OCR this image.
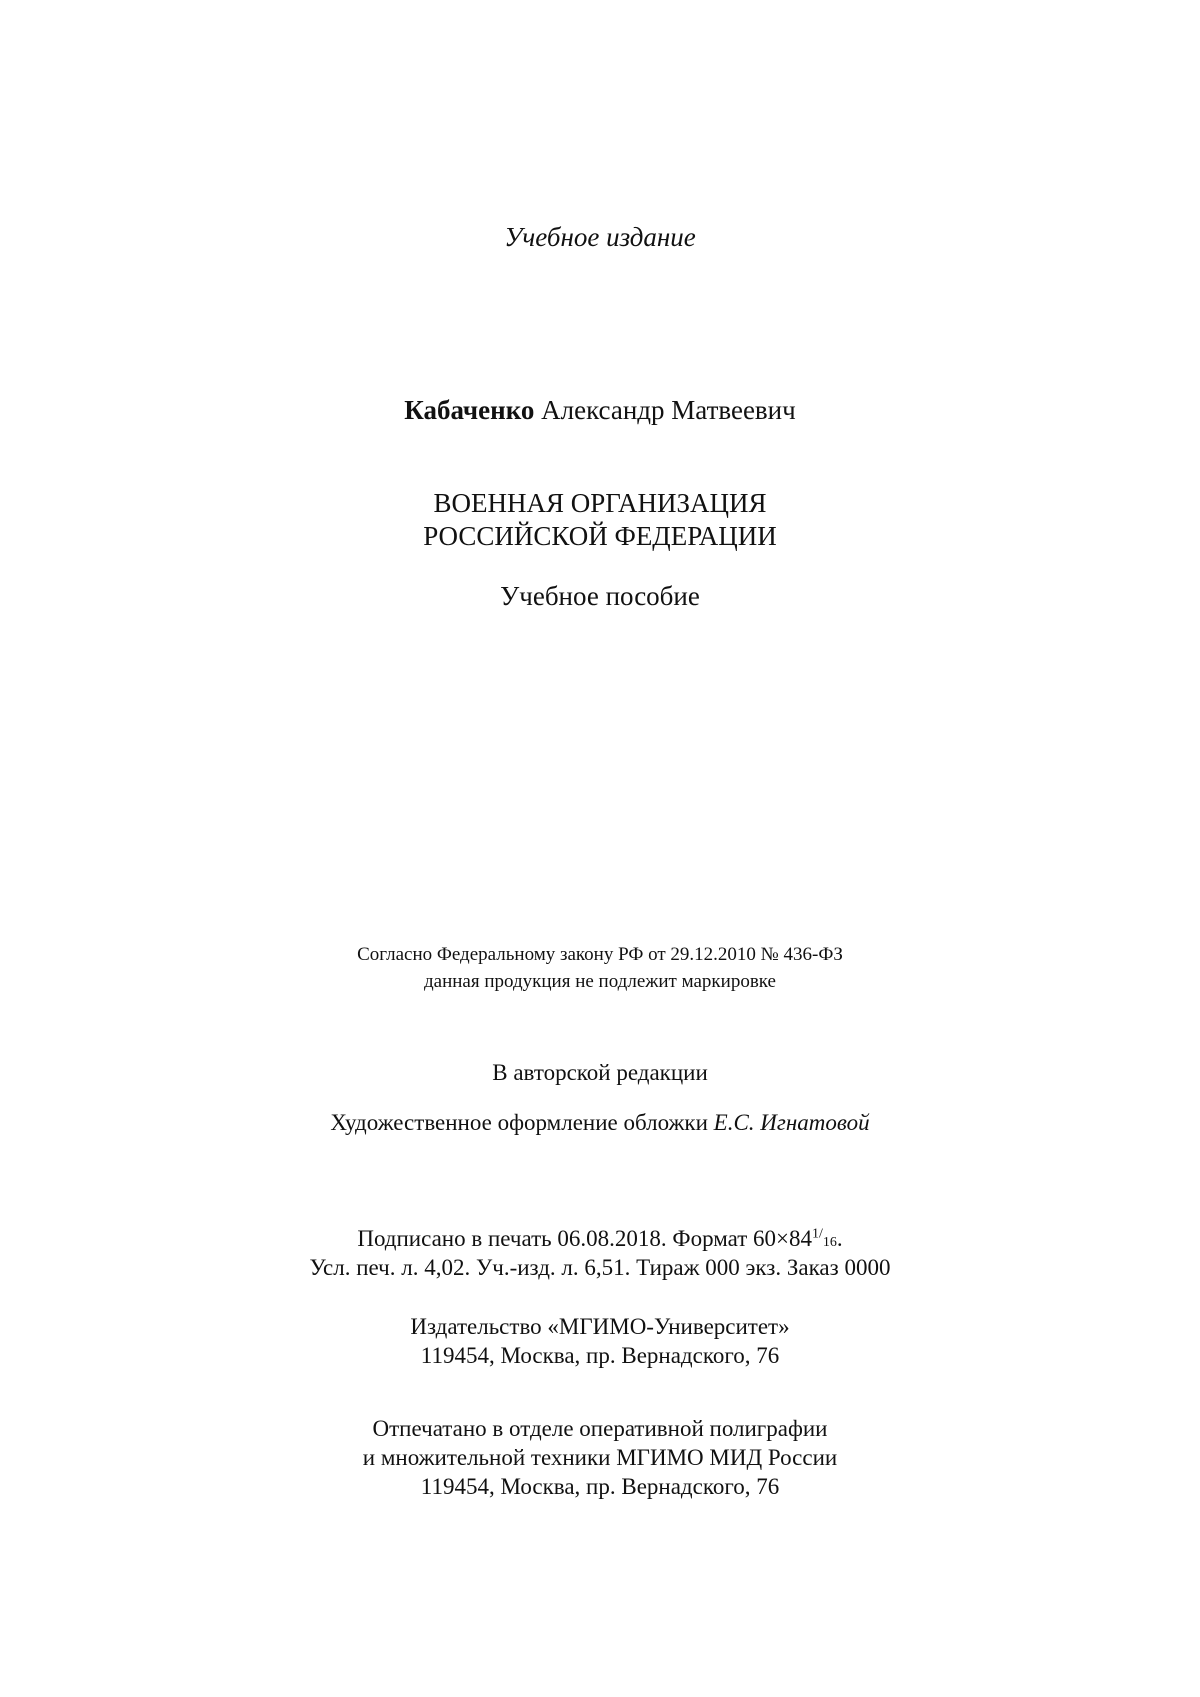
Учебное издание
Кабаченко Александр Матвеевич
ВОЕННАЯ ОРГАНИЗАЦИЯ
РОССИЙСКОЙ ФЕДЕРАЦИИ
Учебное пособие
Согласно Федеральному закону РФ от 29.12.2010 № 436-ФЗ
данная продукция не подлежит маркировке
В авторской редакции
Художественное оформление обложки Е.С. Игнатовой
Подписано в печать 06.08.2018. Формат $60\times 84^{1/}16$.
Усл. печ. л. 4,02. Уч.-изд. л. 6,51. Тираж 000 экз. Заказ 0000
Издательство «МГИМО-Университет»
119454, Москва, пр. Вернадского, 76
Отпечатано в отделе оперативной полиграфии
и множительной техники МГИМО МИД России
119454, Москва, пр. Вернадского, 76
